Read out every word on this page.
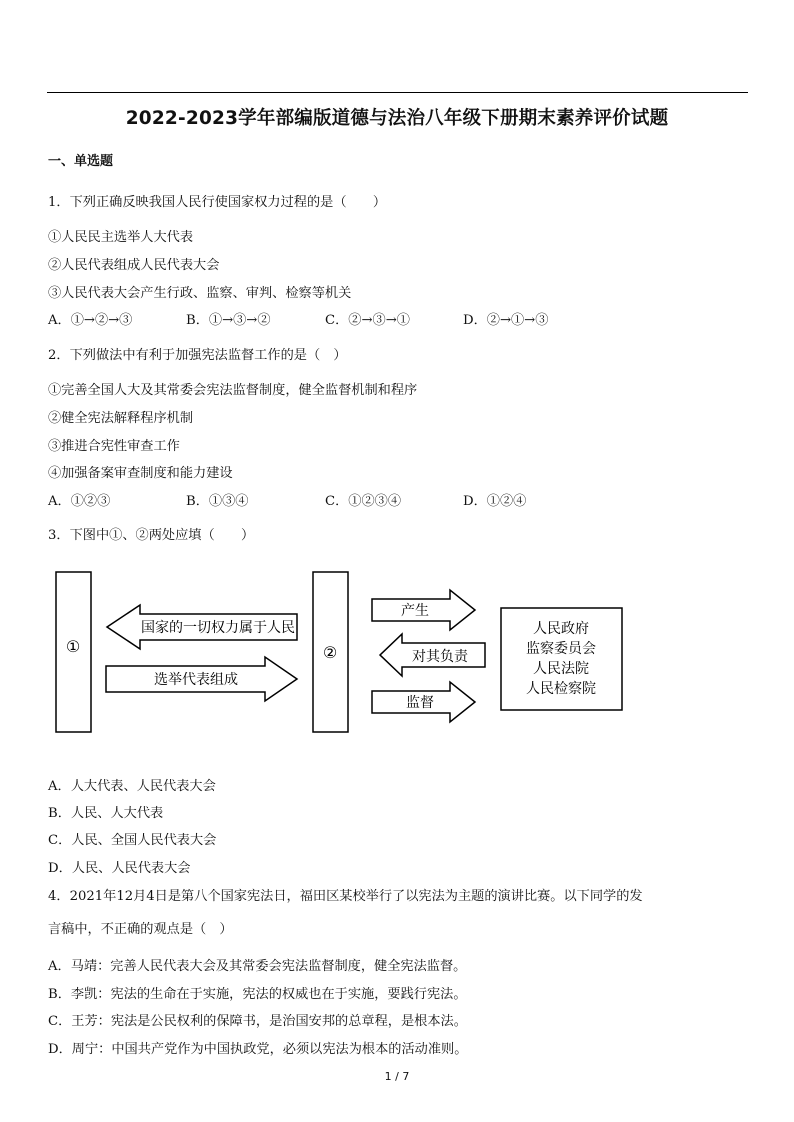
2022-2023学年部编版道德与法治八年级下册期末素养评价试题
一、单选题
1．下列正确反映我国人民行使国家权力过程的是（　　）
①人民民主选举人大代表
②人民代表组成人民代表大会
③人民代表大会产生行政、监察、审判、检察等机关
A．①→②→③	B．①→③→②	C．②→③→①	D．②→①→③
2．下列做法中有利于加强宪法监督工作的是（　）
①完善全国人大及其常委会宪法监督制度，健全监督机制和程序
②健全宪法解释程序机制
③推进合宪性审查工作
④加强备案审查制度和能力建设
A．①②③	B．①③④	C．①②③④	D．①②④
3．下图中①、②两处应填（　　）
①	②
国家的一切权力属于人民
选举代表组成
产生
对其负责
监督
人民政府
监察委员会
人民法院
人民检察院
A．人大代表、人民代表大会
B．人民、人大代表
C．人民、全国人民代表大会
D．人民、人民代表大会
4．2021年12月4日是第八个国家宪法日，福田区某校举行了以宪法为主题的演讲比赛。以下同学的发
言稿中，不正确的观点是（　）
A．马靖：完善人民代表大会及其常委会宪法监督制度，健全宪法监督。
B．李凯：宪法的生命在于实施，宪法的权威也在于实施，要践行宪法。
C．王芳：宪法是公民权利的保障书，是治国安邦的总章程，是根本法。
D．周宁：中国共产党作为中国执政党，必须以宪法为根本的活动准则。
1 / 7
